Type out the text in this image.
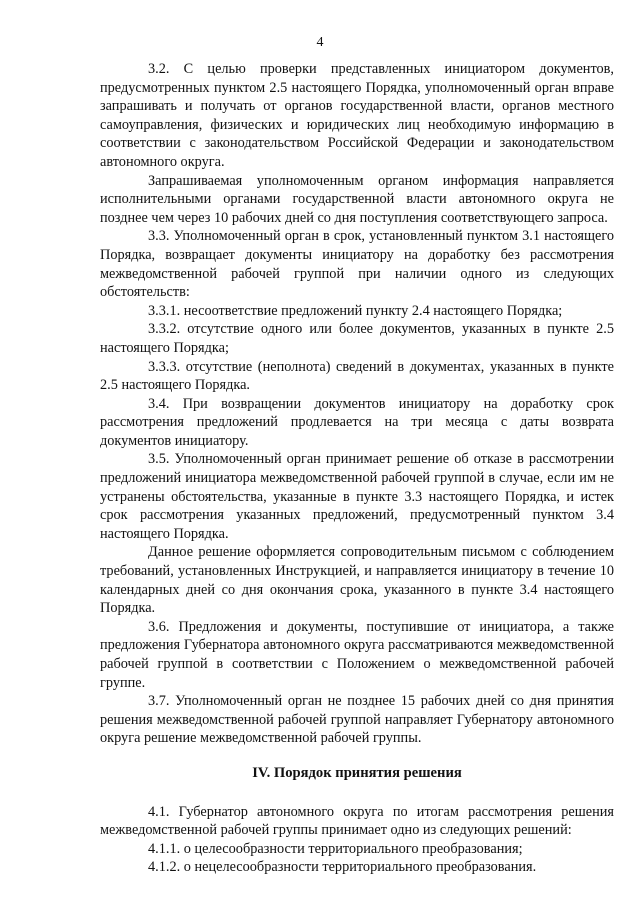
4

3.2. С целью проверки представленных инициатором документов, предусмотренных пунктом 2.5 настоящего Порядка, уполномоченный орган вправе запрашивать и получать от органов государственной власти, органов местного самоуправления, физических и юридических лиц необходимую информацию в соответствии с законодательством Российской Федерации и законодательством автономного округа.

Запрашиваемая уполномоченным органом информация направляется исполнительными органами государственной власти автономного округа не позднее чем через 10 рабочих дней со дня поступления соответствующего запроса.

3.3. Уполномоченный орган в срок, установленный пунктом 3.1 настоящего Порядка, возвращает документы инициатору на доработку без рассмотрения межведомственной рабочей группой при наличии одного из следующих обстоятельств:

3.3.1. несоответствие предложений пункту 2.4 настоящего Порядка;

3.3.2. отсутствие одного или более документов, указанных в пункте 2.5 настоящего Порядка;

3.3.3. отсутствие (неполнота) сведений в документах, указанных в пункте 2.5 настоящего Порядка.

3.4. При возвращении документов инициатору на доработку срок рассмотрения предложений продлевается на три месяца с даты возврата документов инициатору.

3.5. Уполномоченный орган принимает решение об отказе в рассмотрении предложений инициатора межведомственной рабочей группой в случае, если им не устранены обстоятельства, указанные в пункте 3.3 настоящего Порядка, и истек срок рассмотрения указанных предложений, предусмотренный пунктом 3.4 настоящего Порядка.

Данное решение оформляется сопроводительным письмом с соблюдением требований, установленных Инструкцией, и направляется инициатору в течение 10 календарных дней со дня окончания срока, указанного в пункте 3.4 настоящего Порядка.

3.6. Предложения и документы, поступившие от инициатора, а также предложения Губернатора автономного округа рассматриваются межведомственной рабочей группой в соответствии с Положением о межведомственной рабочей группе.

3.7. Уполномоченный орган не позднее 15 рабочих дней со дня принятия решения межведомственной рабочей группой направляет Губернатору автономного округа решение межведомственной рабочей группы.

IV. Порядок принятия решения

4.1. Губернатор автономного округа по итогам рассмотрения решения межведомственной рабочей группы принимает одно из следующих решений:

4.1.1. о целесообразности территориального преобразования;

4.1.2. о нецелесообразности территориального преобразования.
